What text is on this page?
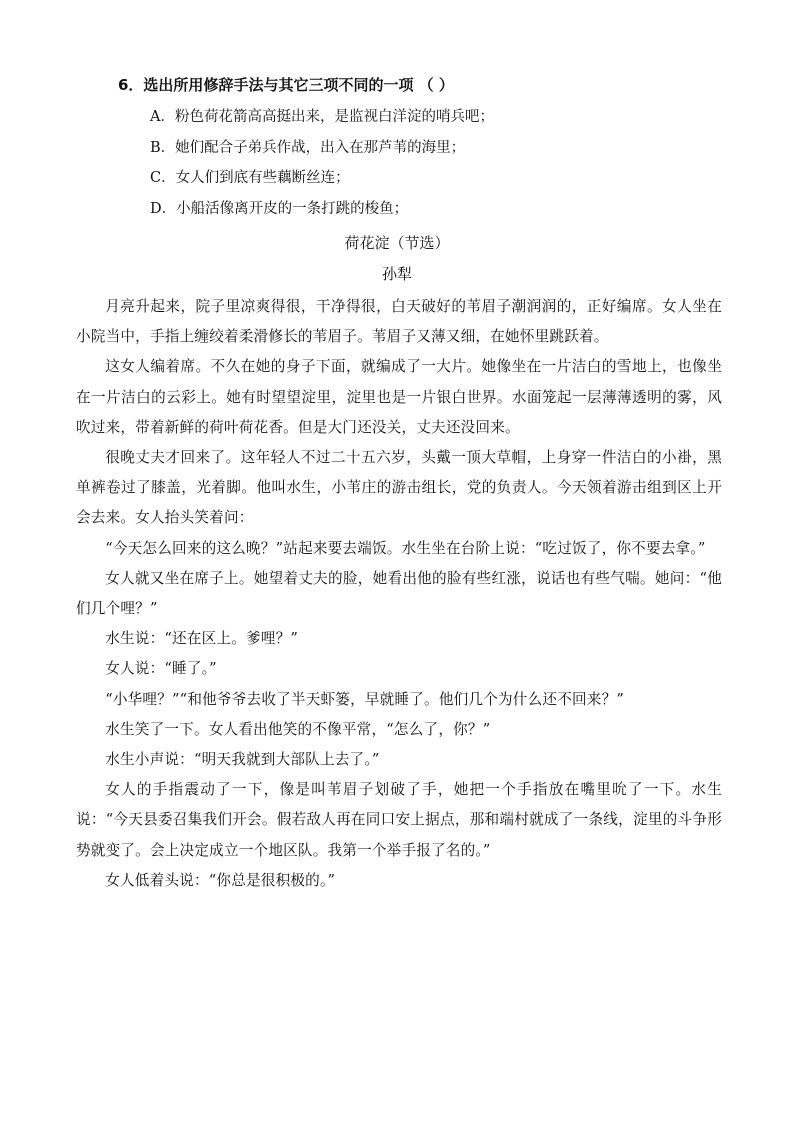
6．选出所用修辞手法与其它三项不同的一项 （ ）

A．粉色荷花箭高高挺出来，是监视白洋淀的哨兵吧；

B．她们配合子弟兵作战，出入在那芦苇的海里；

C．女人们到底有些藕断丝连；

D．小船活像离开皮的一条打跳的梭鱼；

荷花淀（节选）

孙犁

月亮升起来，院子里凉爽得很，干净得很，白天破好的苇眉子潮润润的，正好编席。女人坐在小院当中，手指上缠绞着柔滑修长的苇眉子。苇眉子又薄又细，在她怀里跳跃着。

这女人编着席。不久在她的身子下面，就编成了一大片。她像坐在一片洁白的雪地上，也像坐在一片洁白的云彩上。她有时望望淀里，淀里也是一片银白世界。水面笼起一层薄薄透明的雾，风吹过来，带着新鲜的荷叶荷花香。但是大门还没关，丈夫还没回来。

很晚丈夫才回来了。这年轻人不过二十五六岁，头戴一顶大草帽，上身穿一件洁白的小褂，黑单裤卷过了膝盖，光着脚。他叫水生，小苇庄的游击组长，党的负责人。今天领着游击组到区上开会去来。女人抬头笑着问：

“今天怎么回来的这么晚？”站起来要去端饭。水生坐在台阶上说：“吃过饭了，你不要去拿。”

女人就又坐在席子上。她望着丈夫的脸，她看出他的脸有些红涨，说话也有些气喘。她问：“他们几个哩？”

水生说：“还在区上。爹哩？”

女人说：“睡了。”

“小华哩？”“和他爷爷去收了半天虾篓，早就睡了。他们几个为什么还不回来？”

水生笑了一下。女人看出他笑的不像平常，“怎么了，你？”

水生小声说：“明天我就到大部队上去了。”

女人的手指震动了一下，像是叫苇眉子划破了手，她把一个手指放在嘴里吮了一下。水生说：“今天县委召集我们开会。假若敌人再在同口安上据点，那和端村就成了一条线，淀里的斗争形势就变了。会上决定成立一个地区队。我第一个举手报了名的。”

女人低着头说：“你总是很积极的。”
